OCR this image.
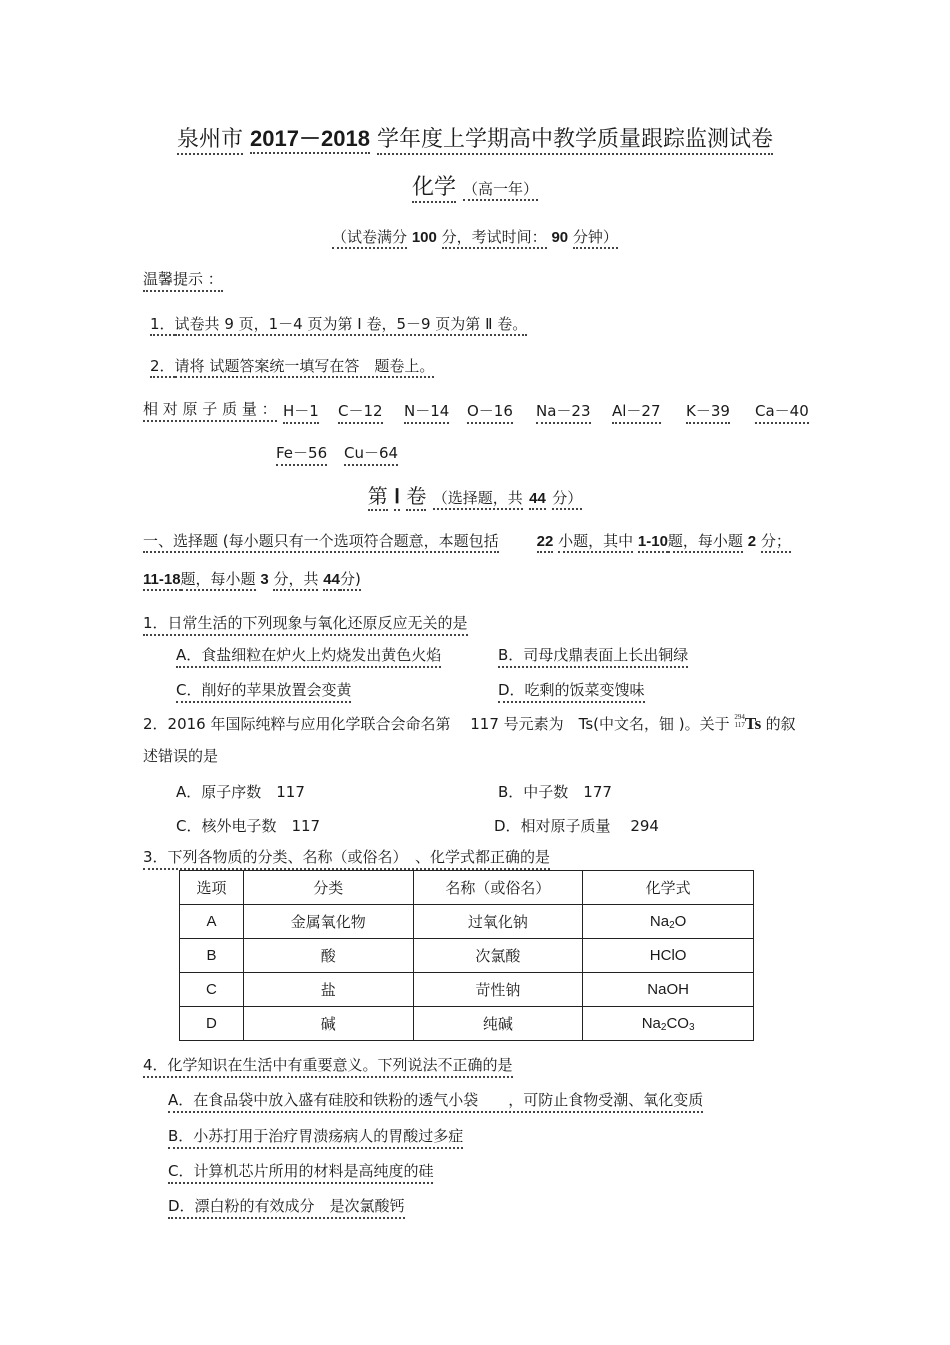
泉州市 2017－2018 学年度上学期高中教学质量跟踪监测试卷
化学 （高一年）
（试卷满分 100 分，考试时间： 90 分钟）
温馨提示 ：
1．试卷共 9 页，1－4 页为第 Ⅰ 卷，5－9 页为第 Ⅱ 卷。
2．请将 试题答案统一填写在答　题卷上。
相 对 原 子 质 量 ： H－1 C－12 N－14 O－16 Na－23 Al－27 K－39 Ca－40
Fe－56 Cu－64
第 Ⅰ 卷 （选择题，共 44 分）
一、选择题 (每小题只有一个选项符合题意，本题包括	22 小题，其中 1-10题，每小题 2 分；
11-18题，每小题 3 分，共 44分)
1．日常生活的下列现象与氧化还原反应无关的是
A．食盐细粒在炉火上灼烧发出黄色火焰	B．司母戊鼎表面上长出铜绿
C．削好的苹果放置会变黄	D．吃剩的饭菜变馊味
2．2016 年国际纯粹与应用化学联合会命名第　 117 号元素为　Ts(中文名，钿 )。关于 294
117 Ts 的叙
述错误的是
A．原子序数　117	B．中子数　177
C．核外电子数　117	D．相对原子质量　 294
3．下列各物质的分类、名称（或俗名）　、化学式都正确的是
选项	分类	名称（或俗名）	化学式
A	金属氧化物	过氧化钠	$Na_2O$
B	酸	次氯酸	HClO
C	盐	苛性钠	NaOH
D	碱	纯碱	$Na_2CO_3$
4．化学知识在生活中有重要意义。下列说法不正确的是
A．在食品袋中放入盛有硅胶和铁粉的透气小袋　　，可防止食物受潮、氧化变质
B．小苏打用于治疗胃溃疡病人的胃酸过多症
C．计算机芯片所用的材料是高纯度的硅
D．漂白粉的有效成分　是次氯酸钙
